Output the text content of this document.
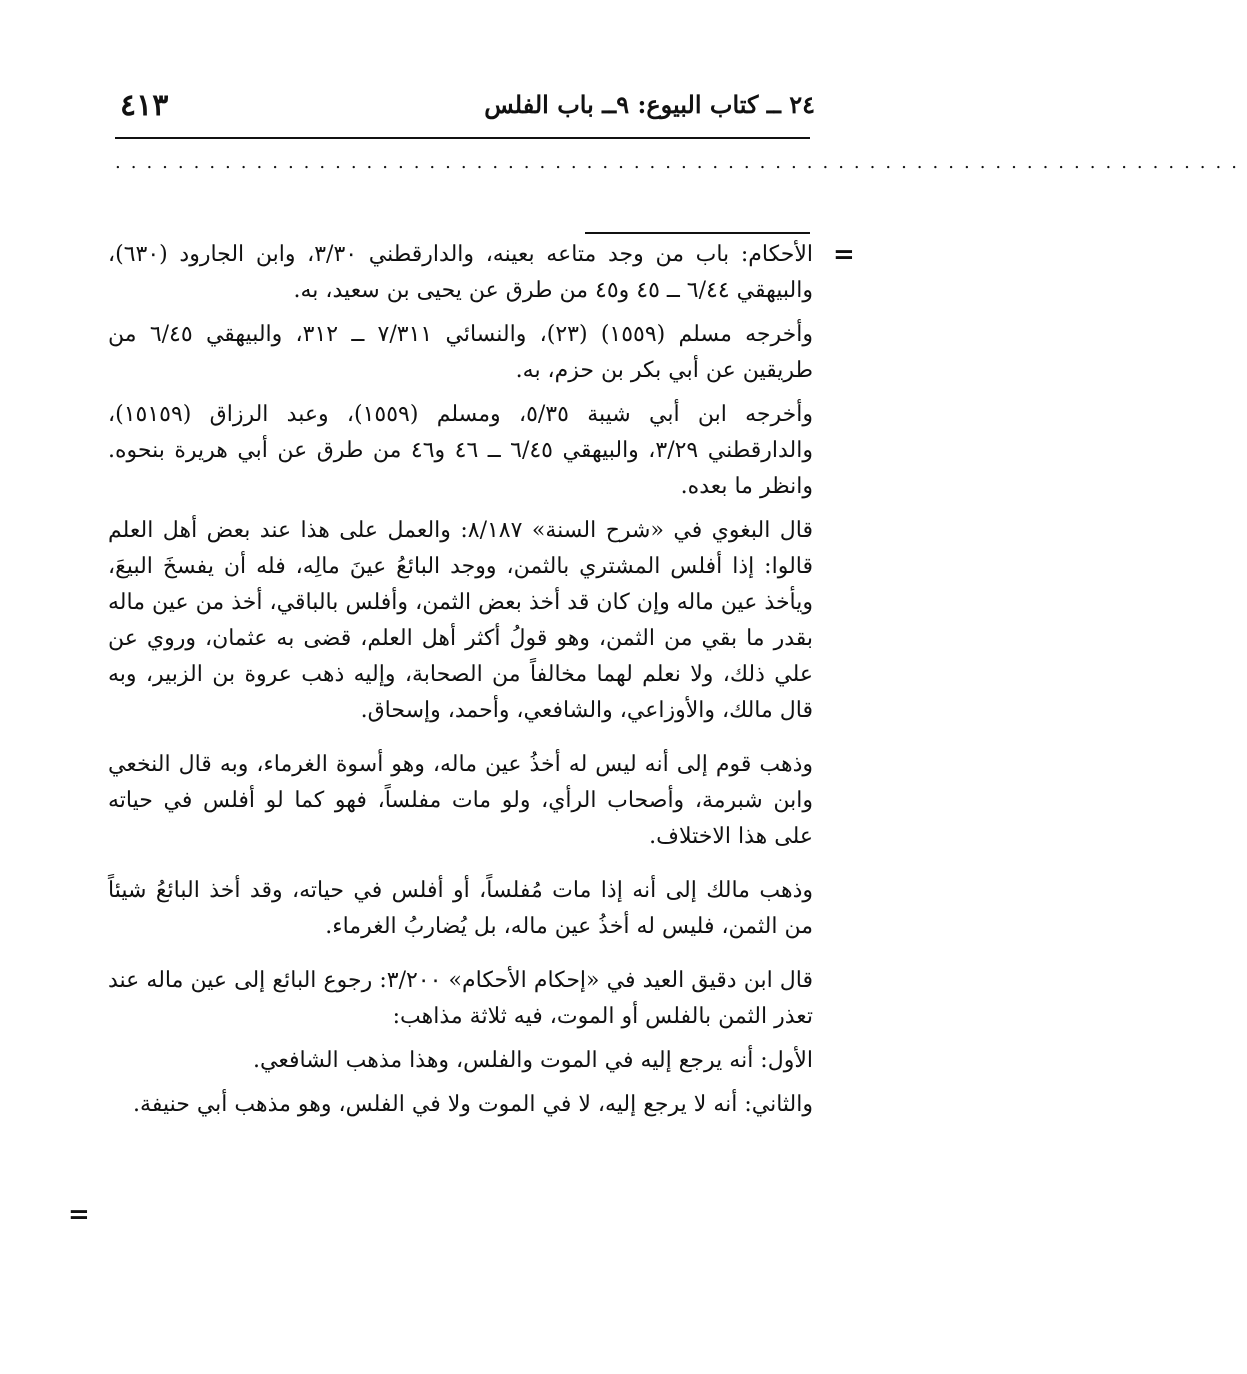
٤١٣	٢٤ ــ كتاب البيوع: ٩ــ باب الفلس
........................................................................
=

الأحكام: باب من وجد متاعه بعينه، والدارقطني ٣/٣٠، وابن الجارود (٦٣٠)، والبيهقي ٦/٤٤ ــ ٤٥ و٤٥ من طرق عن يحيى بن سعيد، به.

وأخرجه مسلم (١٥٥٩) (٢٣)، والنسائي ٧/٣١١ ــ ٣١٢، والبيهقي ٦/٤٥ من طريقين عن أبي بكر بن حزم، به.

وأخرجه ابن أبي شيبة ٥/٣٥، ومسلم (١٥٥٩)، وعبد الرزاق (١٥١٥٩)، والدارقطني ٣/٢٩، والبيهقي ٦/٤٥ ــ ٤٦ و٤٦ من طرق عن أبي هريرة بنحوه. وانظر ما بعده.

قال البغوي في «شرح السنة» ٨/١٨٧: والعمل على هذا عند بعض أهل العلم قالوا: إذا أفلس المشتري بالثمن، ووجد البائعُ عينَ مالِه، فله أن يفسخَ البيعَ، ويأخذ عين ماله وإن كان قد أخذ بعض الثمن، وأفلس بالباقي، أخذ من عين ماله بقدر ما بقي من الثمن، وهو قولُ أكثر أهل العلم، قضى به عثمان، وروي عن علي ذلك، ولا نعلم لهما مخالفاً من الصحابة، وإليه ذهب عروة بن الزبير، وبه قال مالك، والأوزاعي، والشافعي، وأحمد، وإسحاق.

وذهب قوم إلى أنه ليس له أخذُ عين ماله، وهو أسوة الغرماء، وبه قال النخعي وابن شبرمة، وأصحاب الرأي، ولو مات مفلساً، فهو كما لو أفلس في حياته على هذا الاختلاف.

وذهب مالك إلى أنه إذا مات مُفلساً، أو أفلس في حياته، وقد أخذ البائعُ شيئاً من الثمن، فليس له أخذُ عين ماله، بل يُضاربُ الغرماء.

قال ابن دقيق العيد في «إحكام الأحكام» ٣/٢٠٠: رجوع البائع إلى عين ماله عند تعذر الثمن بالفلس أو الموت، فيه ثلاثة مذاهب:

الأول: أنه يرجع إليه في الموت والفلس، وهذا مذهب الشافعي.

والثاني: أنه لا يرجع إليه، لا في الموت ولا في الفلس، وهو مذهب أبي حنيفة.

=
